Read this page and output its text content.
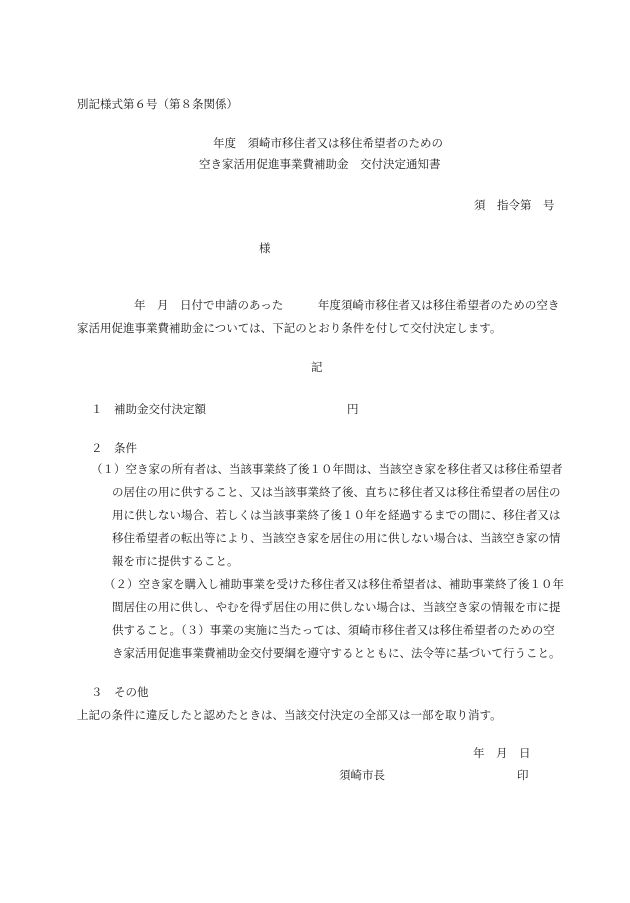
別記様式第６号（第８条関係）
年度　須崎市移住者又は移住希望者のための
空き家活用促進事業費補助金　交付決定通知書
須　指令第　号
様
年　月　日付で申請のあった　　　年度須崎市移住者又は移住希望者のための空き
家活用促進事業費補助金については、下記のとおり条件を付して交付決定します。
記
１　補助金交付決定額	円
２　条件
（１）空き家の所有者は、当該事業終了後１０年間は、当該空き家を移住者又は移住希望者
の居住の用に供すること、又は当該事業終了後、直ちに移住者又は移住希望者の居住の
用に供しない場合、若しくは当該事業終了後１０年を経過するまでの間に、移住者又は
移住希望者の転出等により、当該空き家を居住の用に供しない場合は、当該空き家の情
報を市に提供すること。
（２）空き家を購入し補助事業を受けた移住者又は移住希望者は、補助事業終了後１０年
間居住の用に供し、やむを得ず居住の用に供しない場合は、当該空き家の情報を市に提
供すること。（３）事業の実施に当たっては、須崎市移住者又は移住希望者のための空
き家活用促進事業費補助金交付要綱を遵守するとともに、法令等に基づいて行うこと。
３　その他
上記の条件に違反したと認めたときは、当該交付決定の全部又は一部を取り消す。
年　月　日
須崎市長	印
